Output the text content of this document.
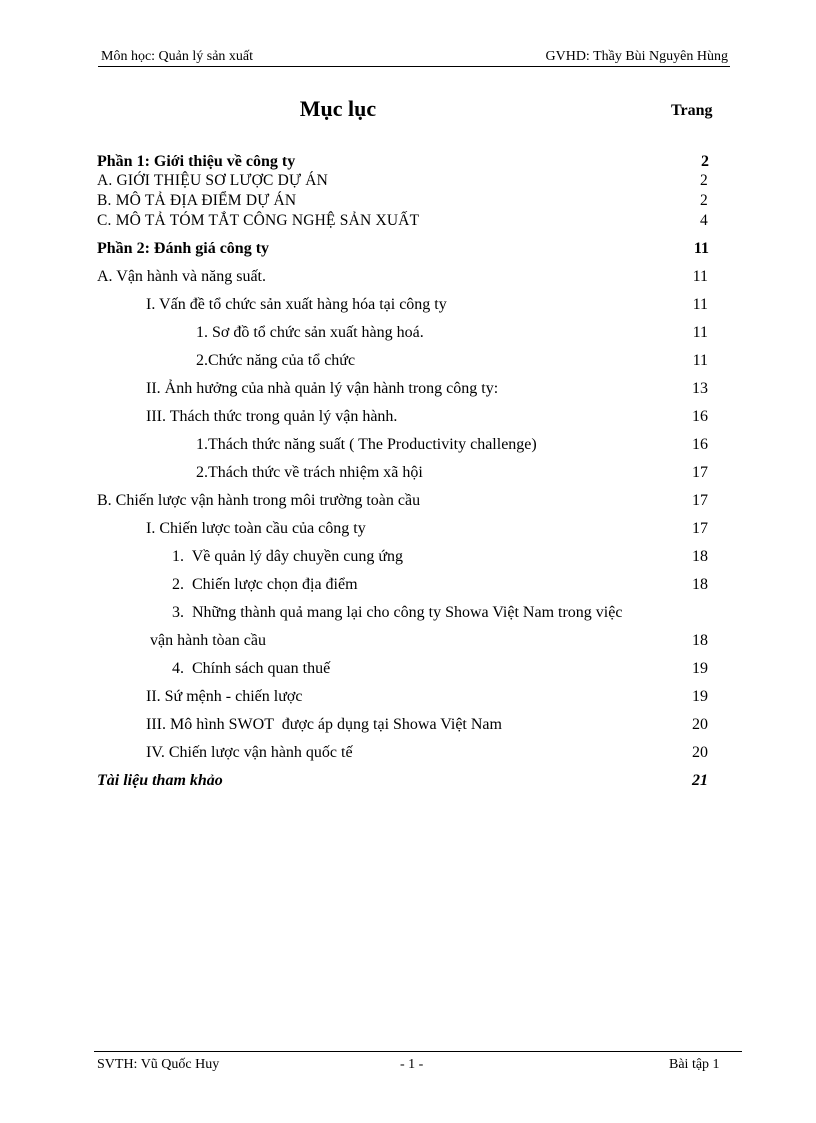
Môn học: Quản lý sản xuất	GVHD: Thầy Bùi Nguyên Hùng
Mục lục	Trang
Phần 1: Giới thiệu về công ty	2
A. GIỚI THIỆU SƠ LƯỢC DỰ ÁN	2
B. MÔ TẢ ĐỊA ĐIỂM DỰ ÁN	2
C. MÔ TẢ TÓM TẮT CÔNG NGHỆ SẢN XUẤT	4
Phần 2: Đánh giá công ty	11
A. Vận hành và năng suất.	11
I. Vấn đề tổ chức sản xuất hàng hóa tại công ty	11
1. Sơ đồ tổ chức sản xuất hàng hoá.	11
2.Chức năng của tổ chức	11
II. Ảnh hưởng của nhà quản lý vận hành trong công ty:	13
III. Thách thức trong quản lý vận hành.	16
1.Thách thức năng suất ( The Productivity challenge)	16
2.Thách thức về trách nhiệm xã hội	17
B. Chiến lược vận hành trong môi trường toàn cầu	17
I. Chiến lược toàn cầu của công ty	17
1.  Về quản lý dây chuyền cung ứng	18
2.  Chiến lược chọn địa điểm	18
3.  Những thành quả mang lại cho công ty Showa Việt Nam trong việc
vận hành tòan cầu	18
4.  Chính sách quan thuế	19
II. Sứ mệnh - chiến lược	19
III. Mô hình SWOT  được áp dụng tại Showa Việt Nam	20
IV. Chiến lược vận hành quốc tế	20
Tài liệu tham khảo	21
SVTH: Vũ Quốc Huy	- 1 -	Bài tập 1
